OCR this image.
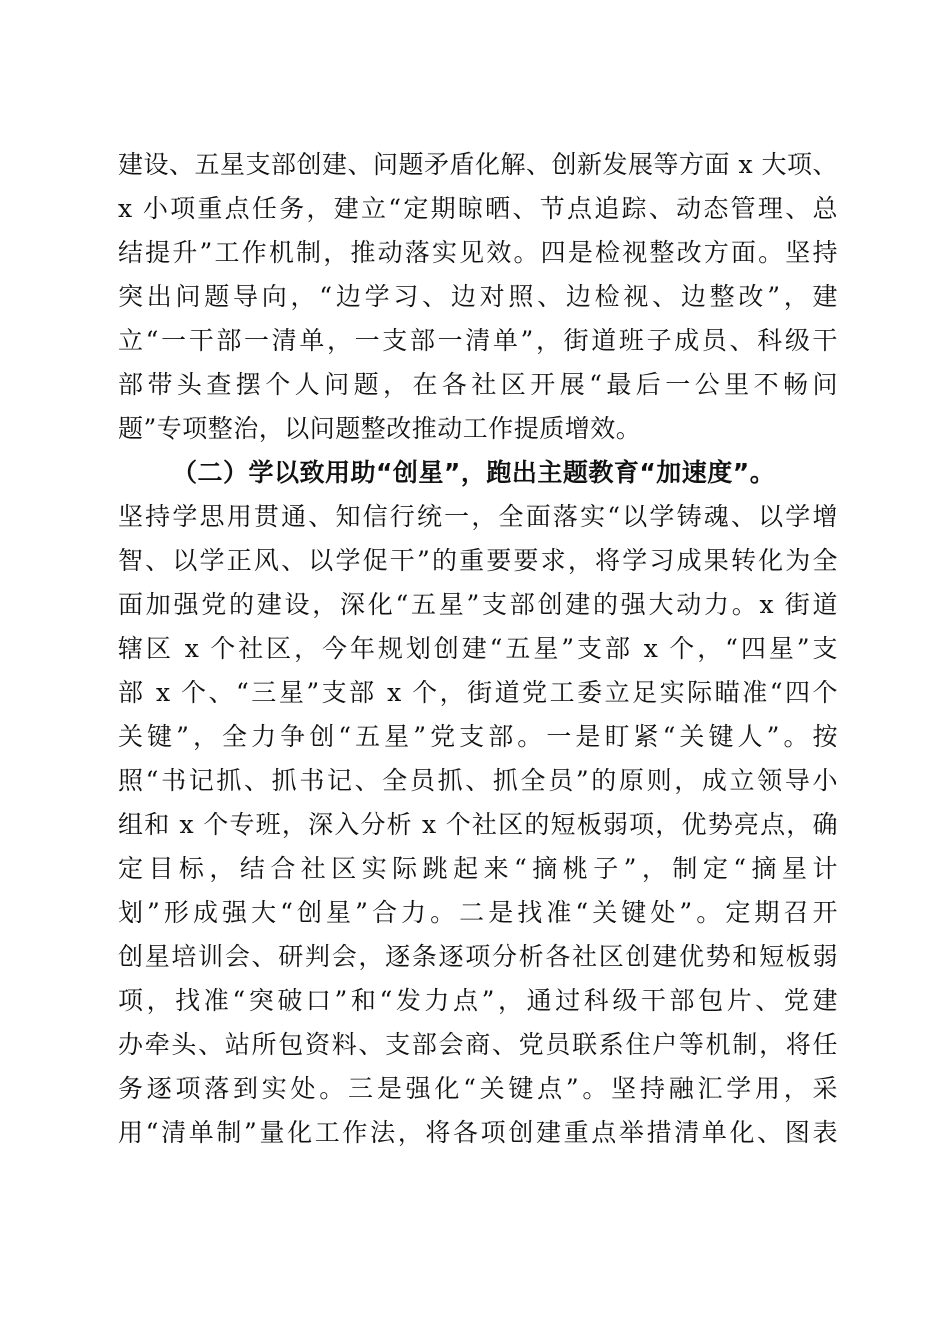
建设、五星支部创建、问题矛盾化解、创新发展等方面 x 大项、
x 小项重点任务，建立“定期晾晒、节点追踪、动态管理、总
结提升”工作机制，推动落实见效。四是检视整改方面。坚持
突出问题导向，“边学习、边对照、边检视、边整改”，建
立“一干部一清单，一支部一清单”，街道班子成员、科级干
部带头查摆个人问题，在各社区开展“最后一公里不畅问
题”专项整治，以问题整改推动工作提质增效。
（二）学以致用助“创星”，跑出主题教育“加速度”。
坚持学思用贯通、知信行统一，全面落实“以学铸魂、以学增
智、以学正风、以学促干”的重要要求，将学习成果转化为全
面加强党的建设，深化“五星”支部创建的强大动力。x 街道
辖区 x 个社区，今年规划创建“五星”支部 x 个，“四星”支
部 x 个、“三星”支部 x 个，街道党工委立足实际瞄准“四个
关键”，全力争创“五星”党支部。一是盯紧“关键人”。按
照“书记抓、抓书记、全员抓、抓全员”的原则，成立领导小
组和 x 个专班，深入分析 x 个社区的短板弱项，优势亮点，确
定目标，结合社区实际跳起来“摘桃子”，制定“摘星计
划”形成强大“创星”合力。二是找准“关键处”。定期召开
创星培训会、研判会，逐条逐项分析各社区创建优势和短板弱
项，找准“突破口”和“发力点”，通过科级干部包片、党建
办牵头、站所包资料、支部会商、党员联系住户等机制，将任
务逐项落到实处。三是强化“关键点”。坚持融汇学用，采
用“清单制”量化工作法，将各项创建重点举措清单化、图表
